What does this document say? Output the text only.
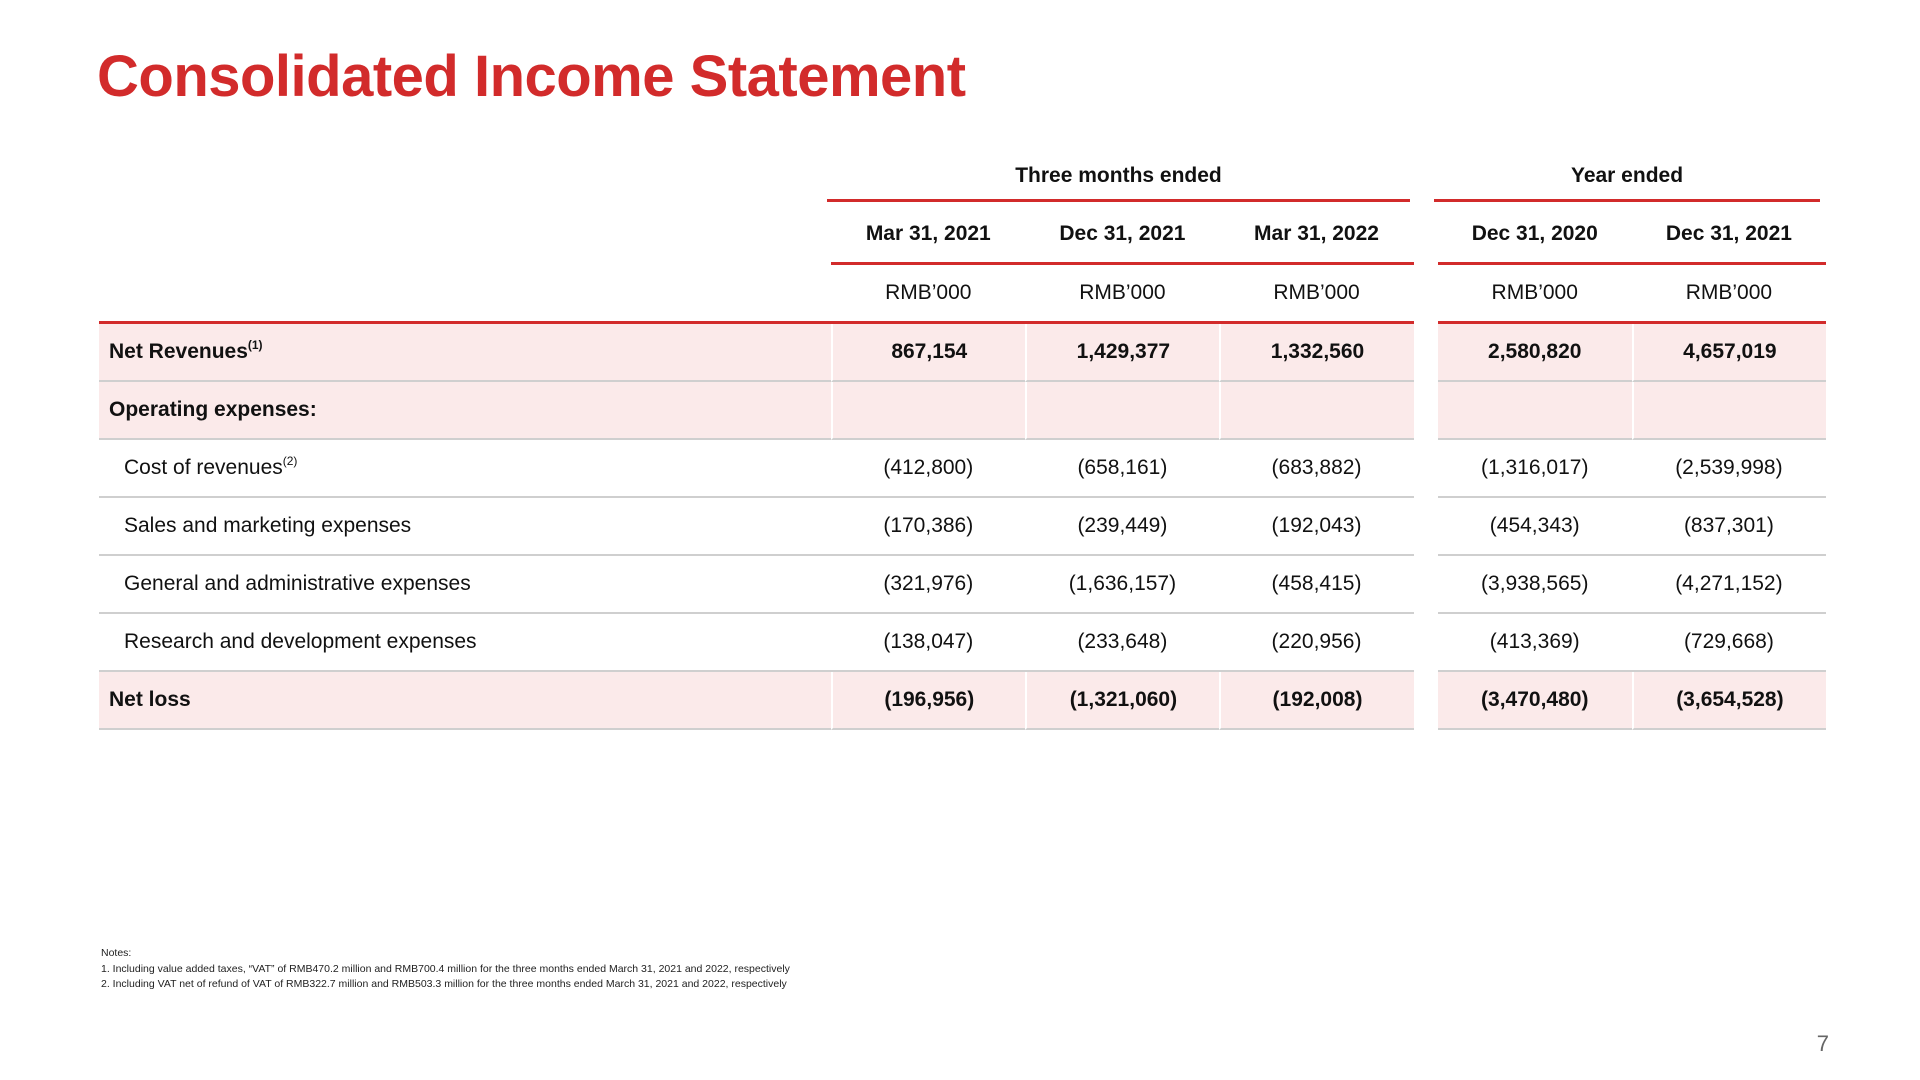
Consolidated Income Statement
Three months ended	Year ended
	Mar 31, 2021	Dec 31, 2021	Mar 31, 2022		Dec 31, 2020	Dec 31, 2021
	RMB’000	RMB’000	RMB’000		RMB’000	RMB’000
Net Revenues$^{(1)}$	867,154	1,429,377	1,332,560		2,580,820	4,657,019
Operating expenses:						
Cost of revenues$^{(2)}$	(412,800)	(658,161)	(683,882)		(1,316,017)	(2,539,998)
Sales and marketing expenses	(170,386)	(239,449)	(192,043)		(454,343)	(837,301)
General and administrative expenses	(321,976)	(1,636,157)	(458,415)		(3,938,565)	(4,271,152)
Research and development expenses	(138,047)	(233,648)	(220,956)		(413,369)	(729,668)
Net loss	(196,956)	(1,321,060)	(192,008)		(3,470,480)	(3,654,528)
Notes:
1. Including value added taxes, “VAT” of RMB470.2 million and RMB700.4 million for the three months ended March 31, 2021 and 2022, respectively
2. Including VAT net of refund of VAT of RMB322.7 million and RMB503.3 million for the three months ended March 31, 2021 and 2022, respectively
7
